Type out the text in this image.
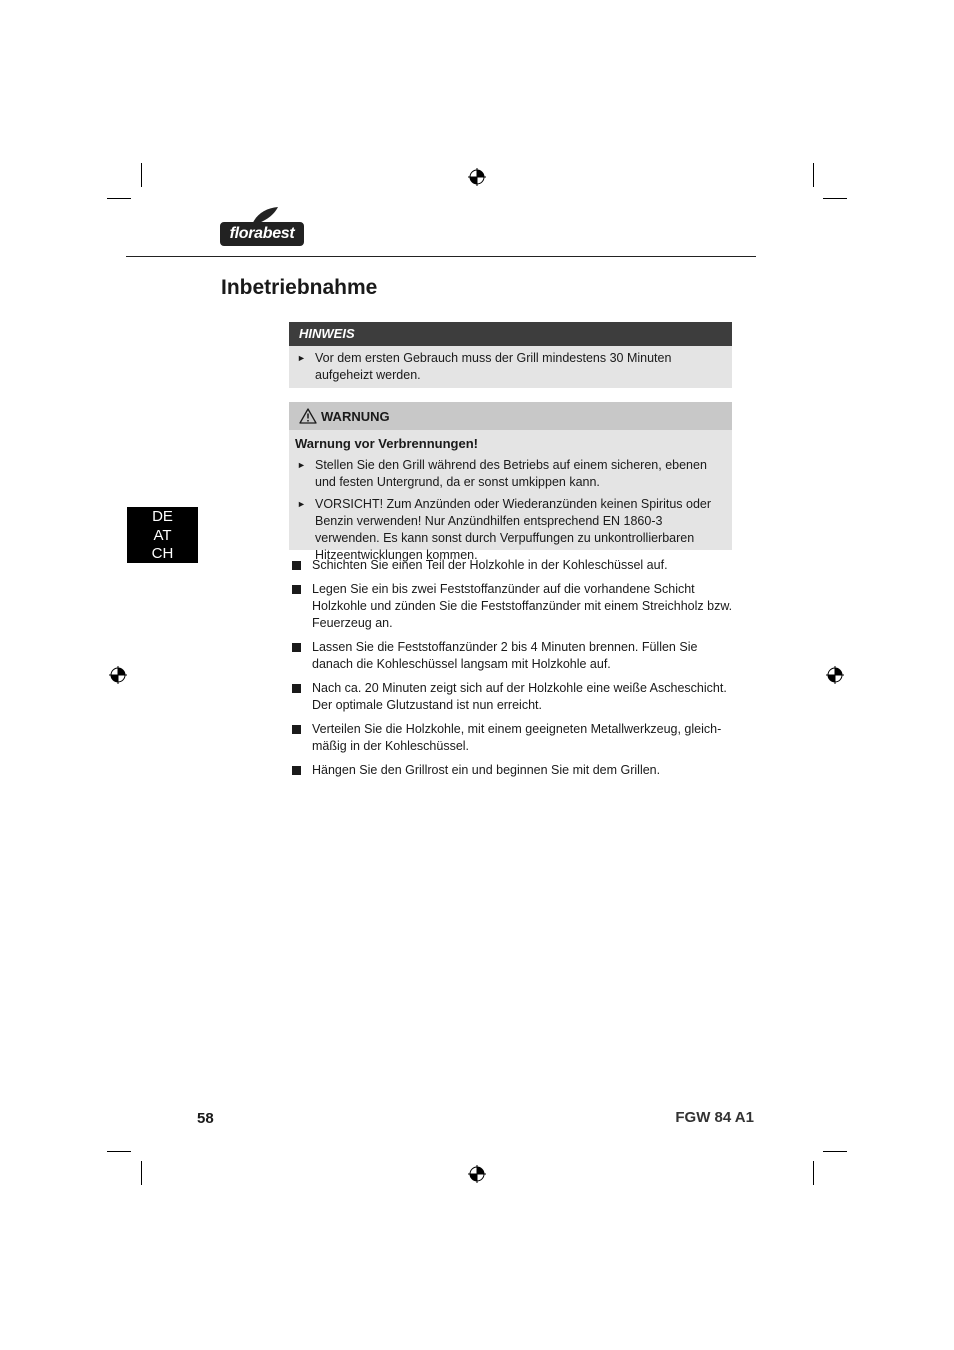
florabest
Inbetriebnahme
HINWEIS
► Vor dem ersten Gebrauch muss der Grill mindestens 30 Minuten aufgeheizt werden.
WARNUNG
Warnung vor Verbrennungen!
► Stellen Sie den Grill während des Betriebs auf einem sicheren, ebenen und festen Untergrund, da er sonst umkippen kann.
► VORSICHT! Zum Anzünden oder Wiederanzünden keinen Spiritus oder Benzin verwenden! Nur Anzündhilfen entsprechend EN 1860-3 verwenden. Es kann sonst durch Verpuffungen zu unkontrollierbaren Hitzeentwicklungen kommen.
Schichten Sie einen Teil der Holzkohle in der Kohleschüssel auf.
Legen Sie ein bis zwei Feststoffanzünder auf die vorhandene Schicht Holzkohle und zünden Sie die Feststoffanzünder mit einem Streichholz bzw. Feuerzeug an.
Lassen Sie die Feststoffanzünder 2 bis 4 Minuten brennen. Füllen Sie danach die Kohleschüssel langsam mit Holzkohle auf.
Nach ca. 20 Minuten zeigt sich auf der Holzkohle eine weiße Ascheschicht. Der optimale Glutzustand ist nun erreicht.
Verteilen Sie die Holzkohle, mit einem geeigneten Metallwerkzeug, gleich-mäßig in der Kohleschüssel.
Hängen Sie den Grillrost ein und beginnen Sie mit dem Grillen.
DE
AT
CH
58	FGW 84 A1
